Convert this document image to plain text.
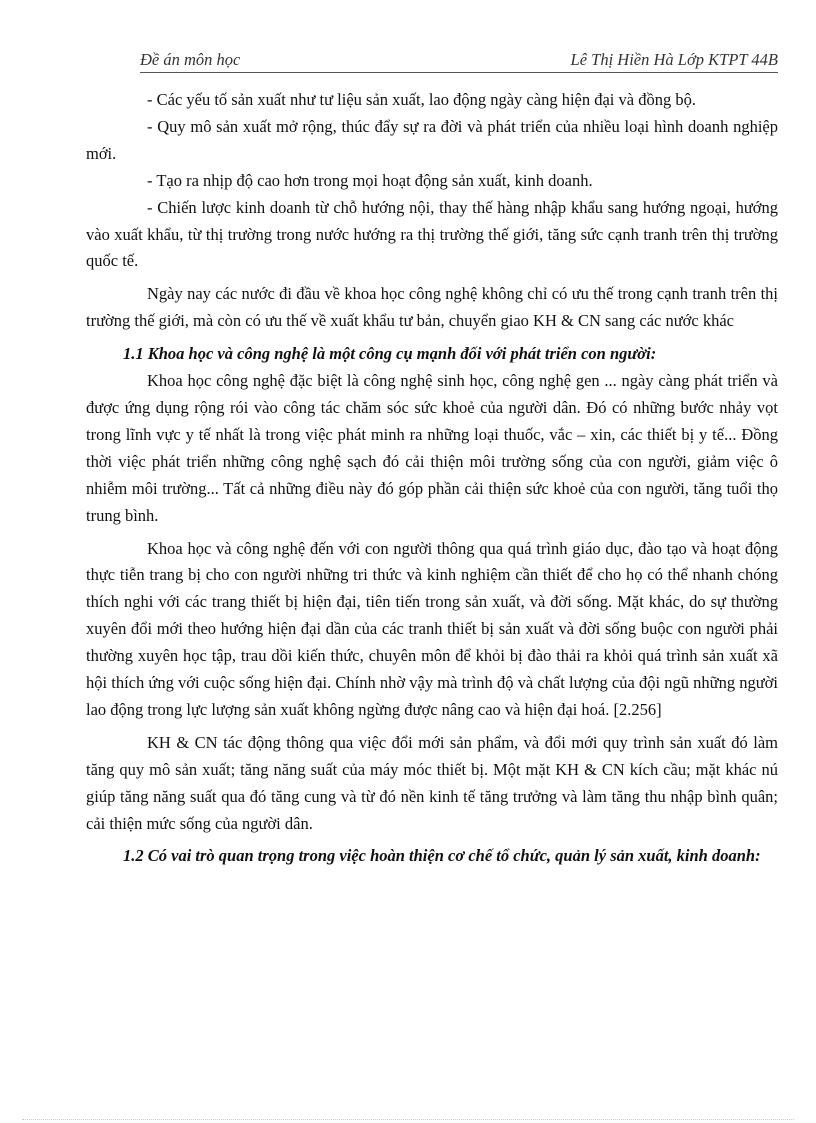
Đề án môn học	Lê Thị Hiền Hà Lớp KTPT 44B

- Các yếu tố sản xuất như tư liệu sản xuất, lao động ngày càng hiện đại và đồng bộ.

- Quy mô sản xuất mở rộng, thúc đẩy sự ra đời và phát triển của nhiều loại hình doanh nghiệp mới.

- Tạo ra nhịp độ cao hơn trong mọi hoạt động sản xuất, kinh doanh.

- Chiến lược kinh doanh từ chỗ hướng nội, thay thế hàng nhập khẩu sang hướng ngoại, hướng vào xuất khẩu, từ thị trường trong nước hướng ra thị trường thế giới, tăng sức cạnh tranh trên thị trường quốc tế.

Ngày nay các nước đi đầu về khoa học công nghệ không chỉ có ưu thế trong cạnh tranh trên thị trường thế giới, mà còn có ưu thế về xuất khẩu tư bản, chuyển giao KH & CN sang các nước khác

1.1 Khoa học và công nghệ là một công cụ mạnh đối với phát triển con người:

Khoa học công nghệ đặc biệt là công nghệ sinh học, công nghệ gen ... ngày càng phát triển và được ứng dụng rộng rói vào công tác chăm sóc sức khoẻ của người dân. Đó có những bước nhảy vọt trong lĩnh vực y tế nhất là trong việc phát minh ra những loại thuốc, vắc – xin, các thiết bị y tế... Đồng thời việc phát triển những công nghệ sạch đó cải thiện môi trường sống của con người, giảm việc ô nhiễm môi trường... Tất cả những điều này đó góp phần cải thiện sức khoẻ của con người, tăng tuổi thọ trung bình.

Khoa học và công nghệ đến với con người thông qua quá trình giáo dục, đào tạo và hoạt động thực tiễn trang bị cho con người những tri thức và kinh nghiệm cần thiết để cho họ có thể nhanh chóng thích nghi với các trang thiết bị hiện đại, tiên tiến trong sản xuất, và đời sống. Mặt khác, do sự thường xuyên đổi mới theo hướng hiện đại dần của các tranh thiết bị sản xuất và đời sống buộc con người phải thường xuyên học tập, trau dồi kiến thức, chuyên môn để khỏi bị đào thải ra khỏi quá trình sản xuất xã hội thích ứng với cuộc sống hiện đại. Chính nhờ vậy mà trình độ và chất lượng của đội ngũ những người lao động trong lực lượng sản xuất không ngừng được nâng cao và hiện đại hoá. [2.256]

KH & CN tác động thông qua việc đổi mới sản phẩm, và đổi mới quy trình sản xuất đó làm tăng quy mô sản xuất; tăng năng suất của máy móc thiết bị. Một mặt KH & CN kích cầu; mặt khác nú giúp tăng năng suất qua đó tăng cung và từ đó nền kinh tế tăng trưởng và làm tăng thu nhập bình quân; cải thiện mức sống của người dân.

1.2 Có vai trò quan trọng trong việc hoàn thiện cơ chế tổ chức, quản lý sản xuất, kinh doanh:
